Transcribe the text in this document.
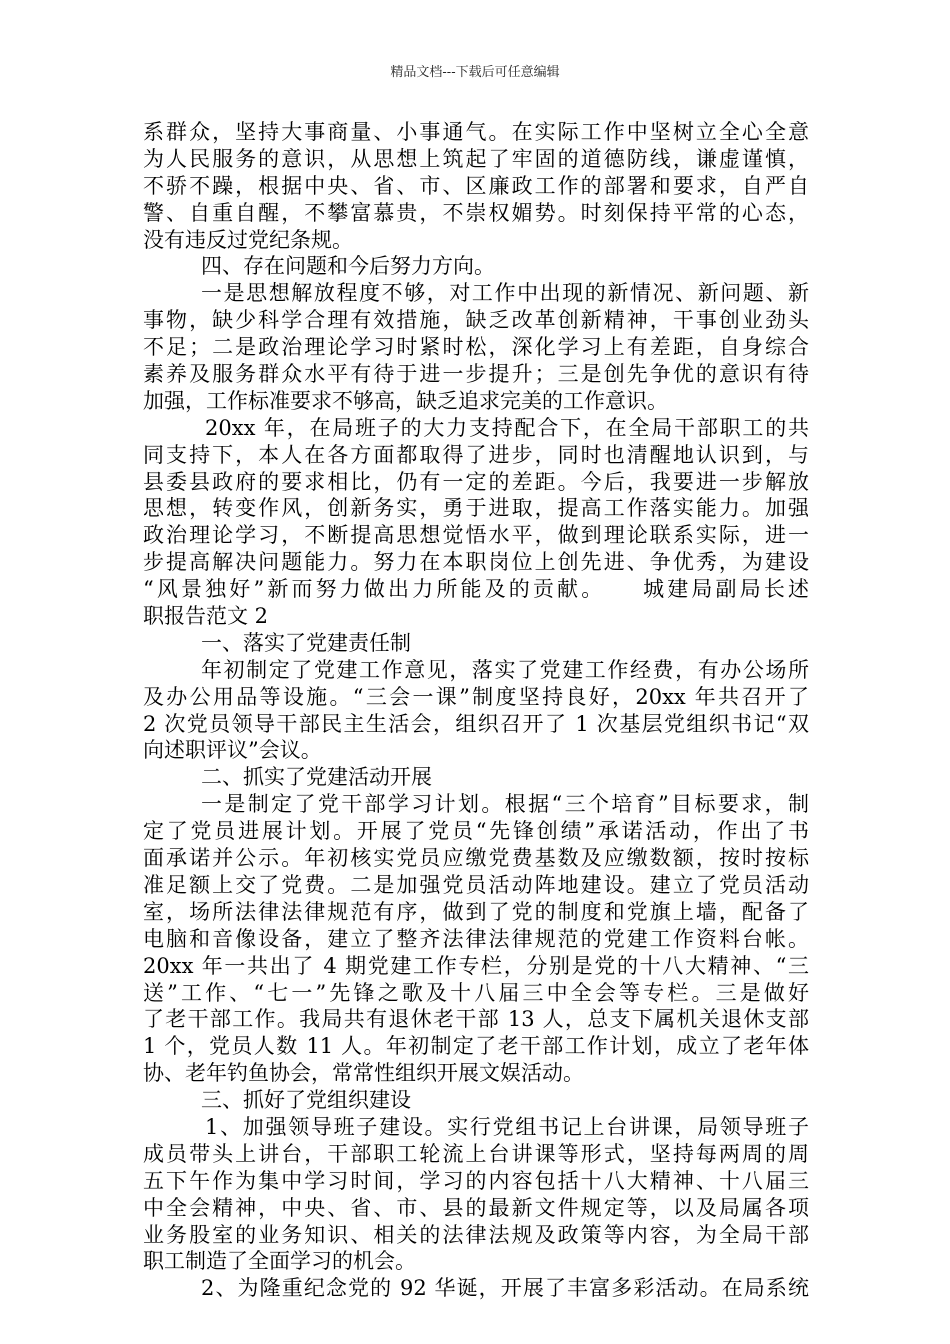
精品文档---下载后可任意编辑
系群众，坚持大事商量、小事通气。在实际工作中坚树立全心全意
为人民服务的意识，从思想上筑起了牢固的道德防线，谦虚谨慎，
不骄不躁，根据中央、省、市、区廉政工作的部署和要求，自严自
警、自重自醒，不攀富慕贵，不崇权媚势。时刻保持平常的心态，
没有违反过党纪条规。
四、存在问题和今后努力方向。
一是思想解放程度不够，对工作中出现的新情况、新问题、新
事物，缺少科学合理有效措施，缺乏改革创新精神，干事创业劲头
不足；二是政治理论学习时紧时松，深化学习上有差距，自身综合
素养及服务群众水平有待于进一步提升；三是创先争优的意识有待
加强，工作标准要求不够高，缺乏追求完美的工作意识。
20xx 年，在局班子的大力支持配合下，在全局干部职工的共
同支持下，本人在各方面都取得了进步，同时也清醒地认识到，与
县委县政府的要求相比，仍有一定的差距。今后，我要进一步解放
思想，转变作风，创新务实，勇于进取，提高工作落实能力。加强
政治理论学习，不断提高思想觉悟水平，做到理论联系实际，进一
步提高解决问题能力。努力在本职岗位上创先进、争优秀，为建设
“风景独好”新而努力做出力所能及的贡献。　　城建局副局长述
职报告范文 2
一、落实了党建责任制
年初制定了党建工作意见，落实了党建工作经费，有办公场所
及办公用品等设施。“三会一课”制度坚持良好，20xx 年共召开了
2 次党员领导干部民主生活会，组织召开了 1 次基层党组织书记“双
向述职评议”会议。
二、抓实了党建活动开展
一是制定了党干部学习计划。根据“三个培育”目标要求，制
定了党员进展计划。开展了党员“先锋创绩”承诺活动，作出了书
面承诺并公示。年初核实党员应缴党费基数及应缴数额，按时按标
准足额上交了党费。二是加强党员活动阵地建设。建立了党员活动
室，场所法律法律规范有序，做到了党的制度和党旗上墙，配备了
电脑和音像设备，建立了整齐法律法律规范的党建工作资料台帐。
20xx 年一共出了 4 期党建工作专栏，分别是党的十八大精神、“三
送”工作、“七一”先锋之歌及十八届三中全会等专栏。三是做好
了老干部工作。我局共有退休老干部 13 人，总支下属机关退休支部
1 个，党员人数 11 人。年初制定了老干部工作计划，成立了老年体
协、老年钓鱼协会，常常性组织开展文娱活动。
三、抓好了党组织建设
1、加强领导班子建设。实行党组书记上台讲课，局领导班子
成员带头上讲台，干部职工轮流上台讲课等形式，坚持每两周的周
五下午作为集中学习时间，学习的内容包括十八大精神、十八届三
中全会精神，中央、省、市、县的最新文件规定等，以及局属各项
业务股室的业务知识、相关的法律法规及政策等内容，为全局干部
职工制造了全面学习的机会。
2、为隆重纪念党的 92 华诞，开展了丰富多彩活动。在局系统
